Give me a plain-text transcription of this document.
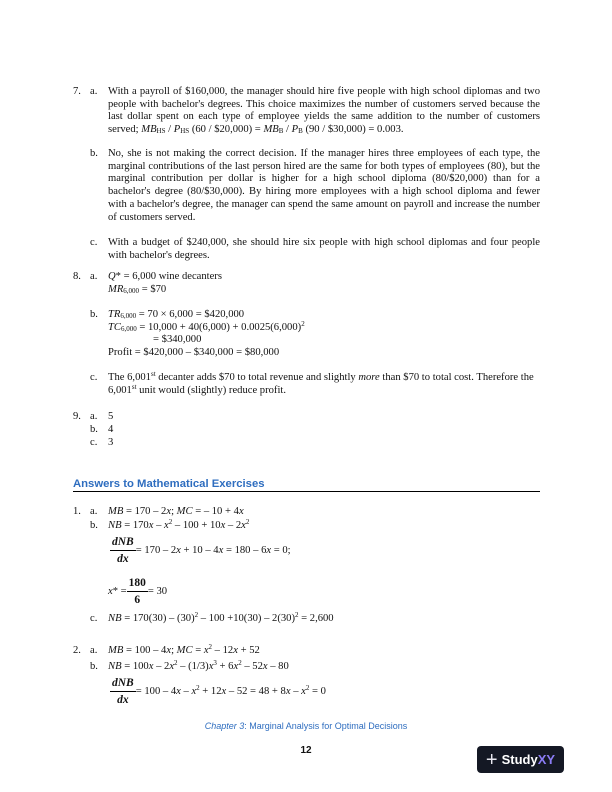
7. a. With a payroll of $160,000, the manager should hire five people with high school diplomas and two people with bachelor's degrees. This choice maximizes the number of customers served because the last dollar spent on each type of employee yields the same addition to the number of customers served; $MB_{HS} / P_{HS}$ (60 / $20,000) = $MB_B / P_B$ (90 / $30,000) = 0.003.
b. No, she is not making the correct decision. If the manager hires three employees of each type, the marginal contributions of the last person hired are the same for both types of employees (80), but the marginal contribution per dollar is higher for a high school diploma (80/$20,000) than for a bachelor's degree (80/$30,000). By hiring more employees with a high school diploma and fewer with a bachelor's degree, the manager can spend the same amount on payroll and increase the number of customers served.
c. With a budget of $240,000, she should hire six people with high school diplomas and four people with bachelor's degrees.
8. a. Q* = 6,000 wine decanters
$MR_{6,000}$ = $70
b. $TR_{6,000} = 70 \times 6,000$ = $420,000
$TC_{6,000} = 10,000 + 40(6,000) + 0.0025(6,000)^2$
= $340,000
Profit = $420,000 – $340,000 = $80,000
c. The 6,001st decanter adds $70 to total revenue and slightly more than $70 to total cost. Therefore the 6,001st unit would (slightly) reduce profit.
9. a. 5
b. 4
c. 3
Answers to Mathematical Exercises
1. a. MB = 170 – 2x; MC = – 10 + 4x
b. NB = $170x - x^2 - 100 + 10x - 2x^2$
dNB
dx
= 170 – 2x + 10 – 4x = 180 – 6x = 0;
$x* = \frac{180}{6} = 30$
c. NB = $170(30) - (30)^2 - 100 +10(30) - 2(30)^2 = 2,600$
2. a. MB = 100 – 4x; MC = $x^2 - 12x + 52$
b. NB = $100x - 2x^2 - (1/3)x^3 + 6x^2 - 52x - 80$
dNB
dx
= $100 - 4x - x^2 + 12x - 52 = 48 + 8x - x^2 = 0$
Chapter 3: Marginal Analysis for Optimal Decisions
12	+ Study XY
